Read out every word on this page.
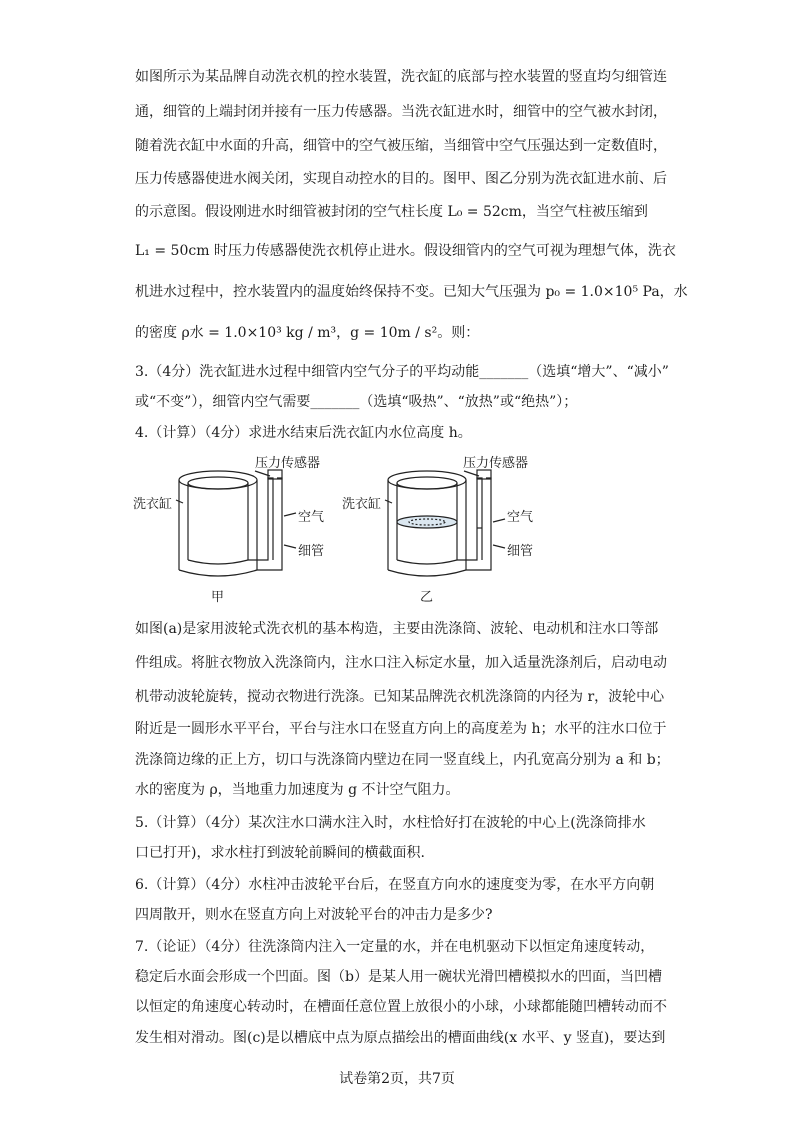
如图所示为某品牌自动洗衣机的控水装置，洗衣缸的底部与控水装置的竖直均匀细管连
通，细管的上端封闭并接有一压力传感器。当洗衣缸进水时，细管中的空气被水封闭，
随着洗衣缸中水面的升高，细管中的空气被压缩，当细管中空气压强达到一定数值时，
压力传感器使进水阀关闭，实现自动控水的目的。图甲、图乙分别为洗衣缸进水前、后
的示意图。假设刚进水时细管被封闭的空气柱长度 L₀ = 52cm，当空气柱被压缩到
L₁ = 50cm 时压力传感器使洗衣机停止进水。假设细管内的空气可视为理想气体，洗衣
机进水过程中，控水装置内的温度始终保持不变。已知大气压强为 p₀ = 1.0×10⁵ Pa，水
的密度 ρ水 = 1.0×10³ kg / m³，g = 10m / s²。则：
3.（4分）洗衣缸进水过程中细管内空气分子的平均动能_______（选填“增大”、“减小”
或“不变”），细管内空气需要_______（选填“吸热”、“放热”或“绝热”）；
4.（计算）（4分）求进水结束后洗衣缸内水位高度 h。
压力传感器
洗衣缸
空气
细管
甲
压力传感器
洗衣缸
空气
细管
乙
如图(a)是家用波轮式洗衣机的基本构造，主要由洗涤筒、波轮、电动机和注水口等部
件组成。将脏衣物放入洗涤筒内，注水口注入标定水量，加入适量洗涤剂后，启动电动
机带动波轮旋转，搅动衣物进行洗涤。已知某品牌洗衣机洗涤筒的内径为 r，波轮中心
附近是一圆形水平平台，平台与注水口在竖直方向上的高度差为 h；水平的注水口位于
洗涤筒边缘的正上方，切口与洗涤筒内壁边在同一竖直线上，内孔宽高分别为 a 和 b；
水的密度为 ρ，当地重力加速度为 g 不计空气阻力。
5.（计算）（4分）某次注水口满水注入时，水柱恰好打在波轮的中心上(洗涤筒排水
口已打开)，求水柱打到波轮前瞬间的横截面积.
6.（计算）（4分）水柱冲击波轮平台后，在竖直方向水的速度变为零，在水平方向朝
四周散开，则水在竖直方向上对波轮平台的冲击力是多少?
7.（论证）（4分）往洗涤筒内注入一定量的水，并在电机驱动下以恒定角速度转动，
稳定后水面会形成一个凹面。图（b）是某人用一碗状光滑凹槽模拟水的凹面，当凹槽
以恒定的角速度心转动时，在槽面任意位置上放很小的小球，小球都能随凹槽转动而不
发生相对滑动。图(c)是以槽底中点为原点描绘出的槽面曲线(x 水平、y 竖直)，要达到
试卷第2页，共7页
